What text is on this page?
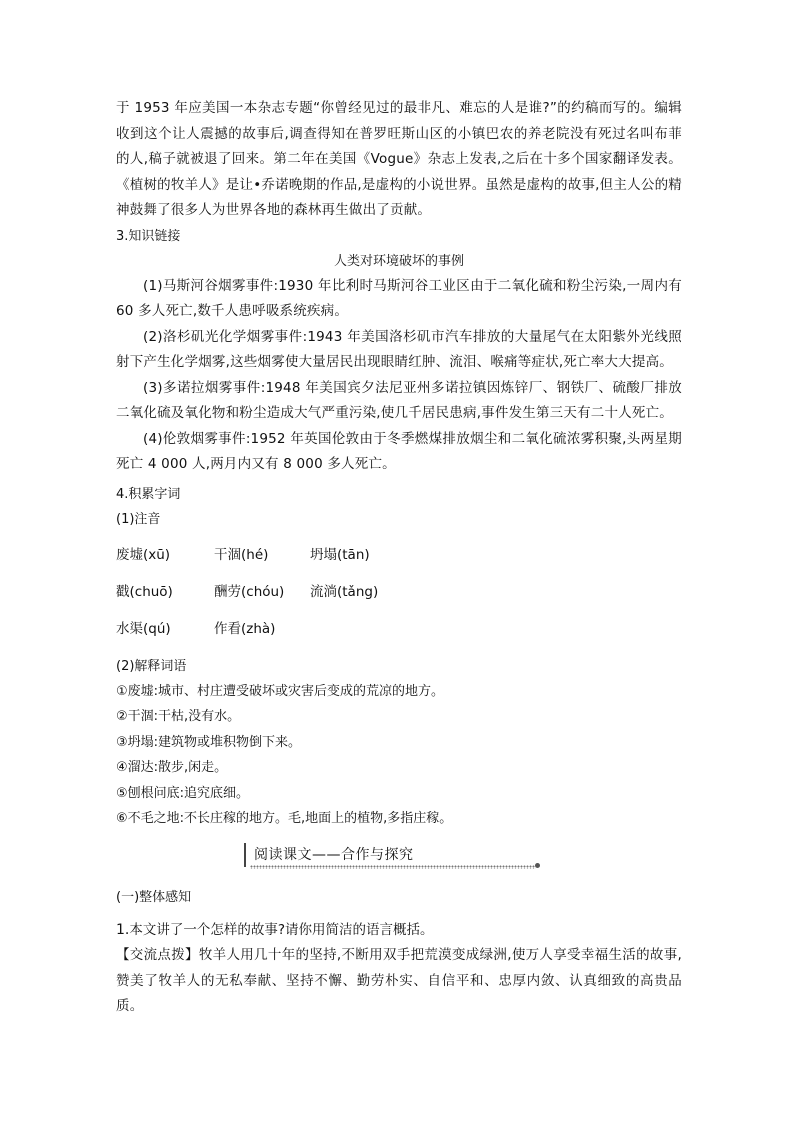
于 1953 年应美国一本杂志专题“你曾经见过的最非凡、难忘的人是谁?”的约稿而写的。编辑收到这个让人震撼的故事后,调查得知在普罗旺斯山区的小镇巴农的养老院没有死过名叫布菲的人,稿子就被退了回来。第二年在美国《Vogue》杂志上发表,之后在十多个国家翻译发表。《植树的牧羊人》是让•乔诺晚期的作品,是虚构的小说世界。虽然是虚构的故事,但主人公的精神鼓舞了很多人为世界各地的森林再生做出了贡献。

3.知识链接

人类对环境破坏的事例

(1)马斯河谷烟雾事件:1930 年比利时马斯河谷工业区由于二氧化硫和粉尘污染,一周内有 60 多人死亡,数千人患呼吸系统疾病。

(2)洛杉矶光化学烟雾事件:1943 年美国洛杉矶市汽车排放的大量尾气在太阳紫外光线照射下产生化学烟雾,这些烟雾使大量居民出现眼睛红肿、流泪、喉痛等症状,死亡率大大提高。

(3)多诺拉烟雾事件:1948 年美国宾夕法尼亚州多诺拉镇因炼锌厂、钢铁厂、硫酸厂排放二氧化硫及氧化物和粉尘造成大气严重污染,使几千居民患病,事件发生第三天有二十人死亡。

(4)伦敦烟雾事件:1952 年英国伦敦由于冬季燃煤排放烟尘和二氧化硫浓雾积聚,头两星期死亡 4 000 人,两月内又有 8 000 多人死亡。

4.积累字词

(1)注音

废墟(xū)	干涸(hé)	坍塌(tān)
戳(chuō)	酬劳(chóu)	流淌(tǎng)
水渠(qú)	作看(zhà)

(2)解释词语

①废墟:城市、村庄遭受破坏或灾害后变成的荒凉的地方。

②干涸:干枯,没有水。

③坍塌:建筑物或堆积物倒下来。

④溜达:散步,闲走。

⑤刨根问底:追究底细。

⑥不毛之地:不长庄稼的地方。毛,地面上的植物,多指庄稼。

阅读课文——合作与探究

(一)整体感知

1.本文讲了一个怎样的故事?请你用简洁的语言概括。

【交流点拨】牧羊人用几十年的坚持,不断用双手把荒漠变成绿洲,使万人享受幸福生活的故事,赞美了牧羊人的无私奉献、坚持不懈、勤劳朴实、自信平和、忠厚内敛、认真细致的高贵品质。
